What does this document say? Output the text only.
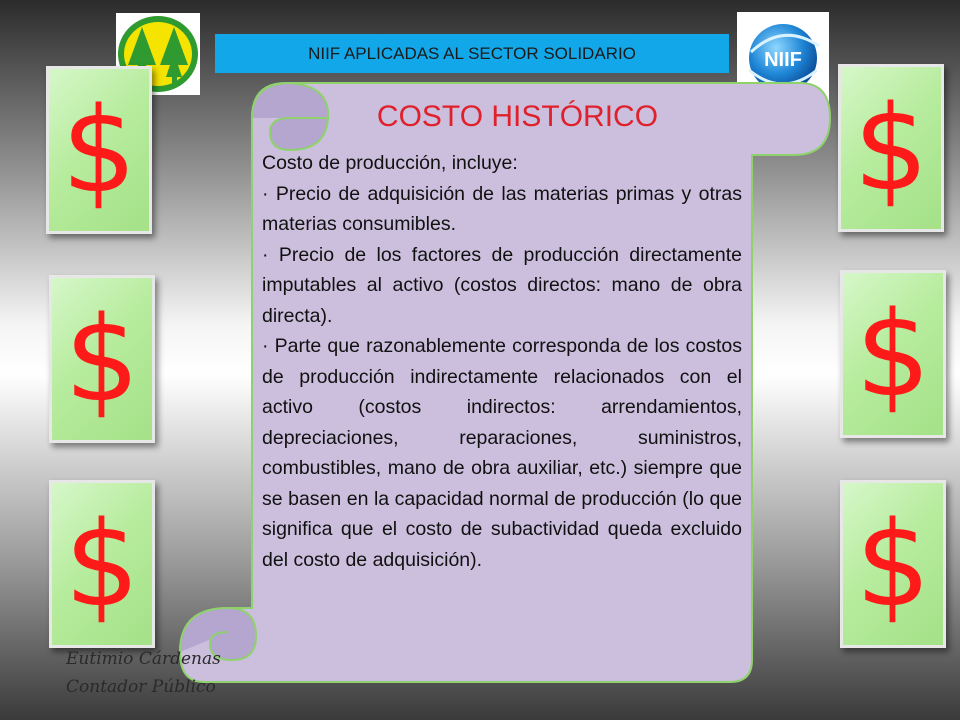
NIIF
NIIF APLICADAS AL SECTOR SOLIDARIO
$
$
$
$
$
$
COSTO HISTÓRICO

Costo de producción, incluye:

· Precio de adquisición de las materias primas y otras materias consumibles.

· Precio de los factores de producción directamente imputables al activo (costos directos: mano de obra directa).

· Parte que razonablemente corresponda de los costos de producción indirectamente relacionados con el activo (costos indirectos: arrendamientos, depreciaciones, reparaciones, suministros, combustibles, mano de obra auxiliar, etc.) siempre que se basen en la capacidad normal de producción (lo que significa que el costo de subactividad queda excluido del costo de adquisición).

Eutimio Cárdenas
Contador Público
